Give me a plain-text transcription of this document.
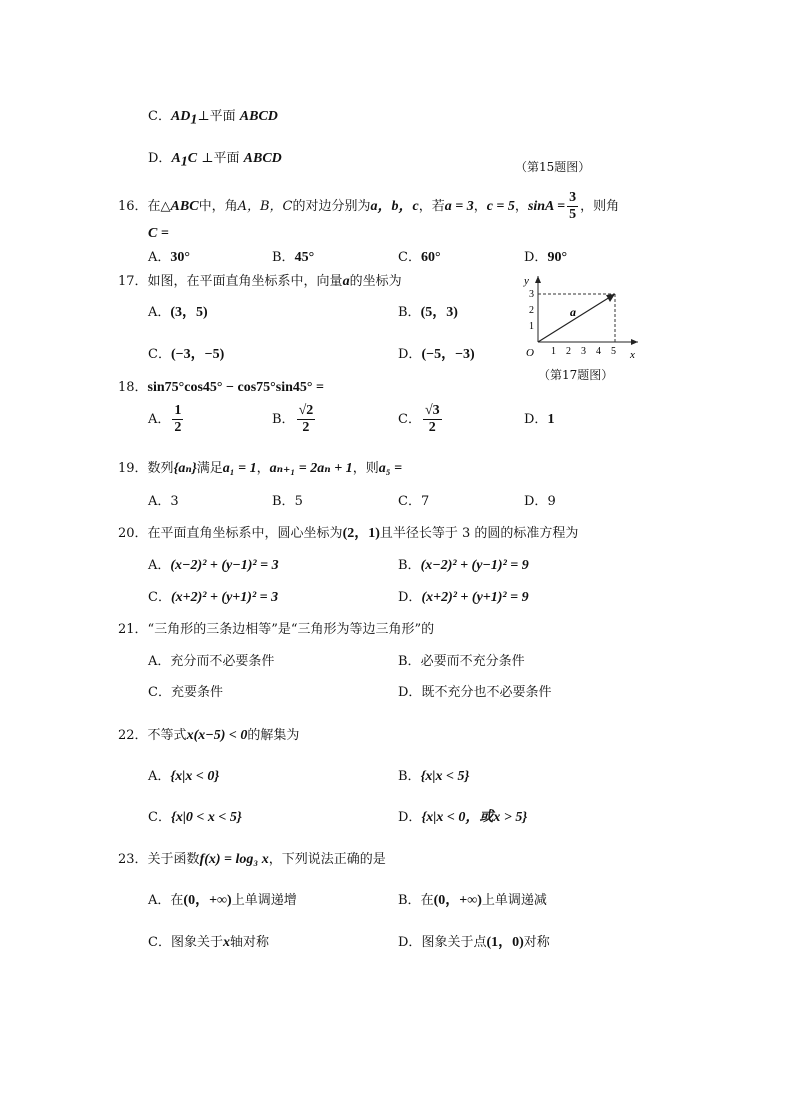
C．$AD_1\perp$平面 ABCD
D．$A_1C$ ⊥平面 ABCD
（第15题图）
16．在△ABC中，角A，B，C的对边分别为a，b，c，若a = 3，c = 5，$\sin A = \frac{3}{5}$ ，则角
C =
A．30°	B．45°	C．60°	D．90°
17．如图，在平面直角坐标系中，向量a的坐标为
A．(3，5)	B．(5，3)
C．(−3，−5)	D．(−5，−3)
y
x
O
a
1 2 3 4 5
1
2
3
（第17题图）
18．sin75°cos45° − cos75°sin45° =
A． $\frac{1}{2}$	B． $\frac{√2}{2}$	C． $\frac{√3}{2}$	D．1
19．数列{aₙ}满足a₁ = 1，aₙ₊₁ = 2aₙ + 1，则a₅ =
A．3	B．5	C．7	D．9
20．在平面直角坐标系中，圆心坐标为(2，1)且半径长等于 3 的圆的标准方程为
A．(x−2)² + (y−1)² = 3	B．(x−2)² + (y−1)² = 9
C．(x+2)² + (y+1)² = 3	D．(x+2)² + (y+1)² = 9
21．“三角形的三条边相等”是“三角形为等边三角形”的
A．充分而不必要条件	B．必要而不充分条件
C．充要条件	D．既不充分也不必要条件
22．不等式x(x−5) < 0的解集为
A．{x|x < 0}	B．{x|x < 5}
C．{x|0 < x < 5}	D．{x|x < 0，或x > 5}
23．关于函数f(x) = log₃ x，下列说法正确的是
A．在(0，+∞)上单调递增	B．在(0，+∞)上单调递减
C．图象关于x轴对称	D．图象关于点(1，0)对称
